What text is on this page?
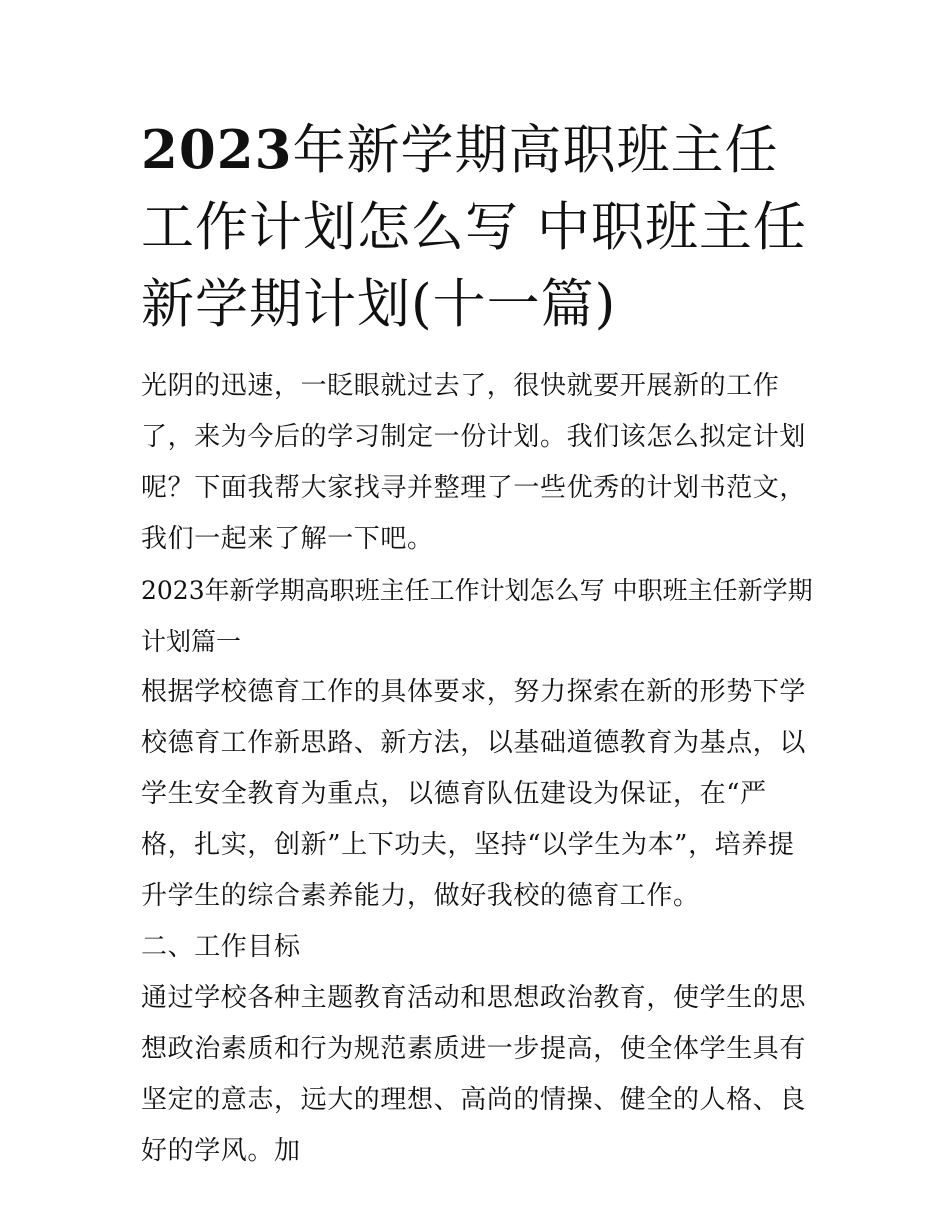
2023年新学期高职班主任工作计划怎么写 中职班主任新学期计划(十一篇)

光阴的迅速，一眨眼就过去了，很快就要开展新的工作了，来为今后的学习制定一份计划。我们该怎么拟定计划呢？下面我帮大家找寻并整理了一些优秀的计划书范文，我们一起来了解一下吧。

2023年新学期高职班主任工作计划怎么写 中职班主任新学期计划篇一

根据学校德育工作的具体要求，努力探索在新的形势下学校德育工作新思路、新方法，以基础道德教育为基点，以学生安全教育为重点，以德育队伍建设为保证，在“严格，扎实，创新”上下功夫，坚持“以学生为本”，培养提升学生的综合素养能力，做好我校的德育工作。

二、工作目标

通过学校各种主题教育活动和思想政治教育，使学生的思想政治素质和行为规范素质进一步提高，使全体学生具有坚定的意志，远大的理想、高尚的情操、健全的人格、良好的学风。加
